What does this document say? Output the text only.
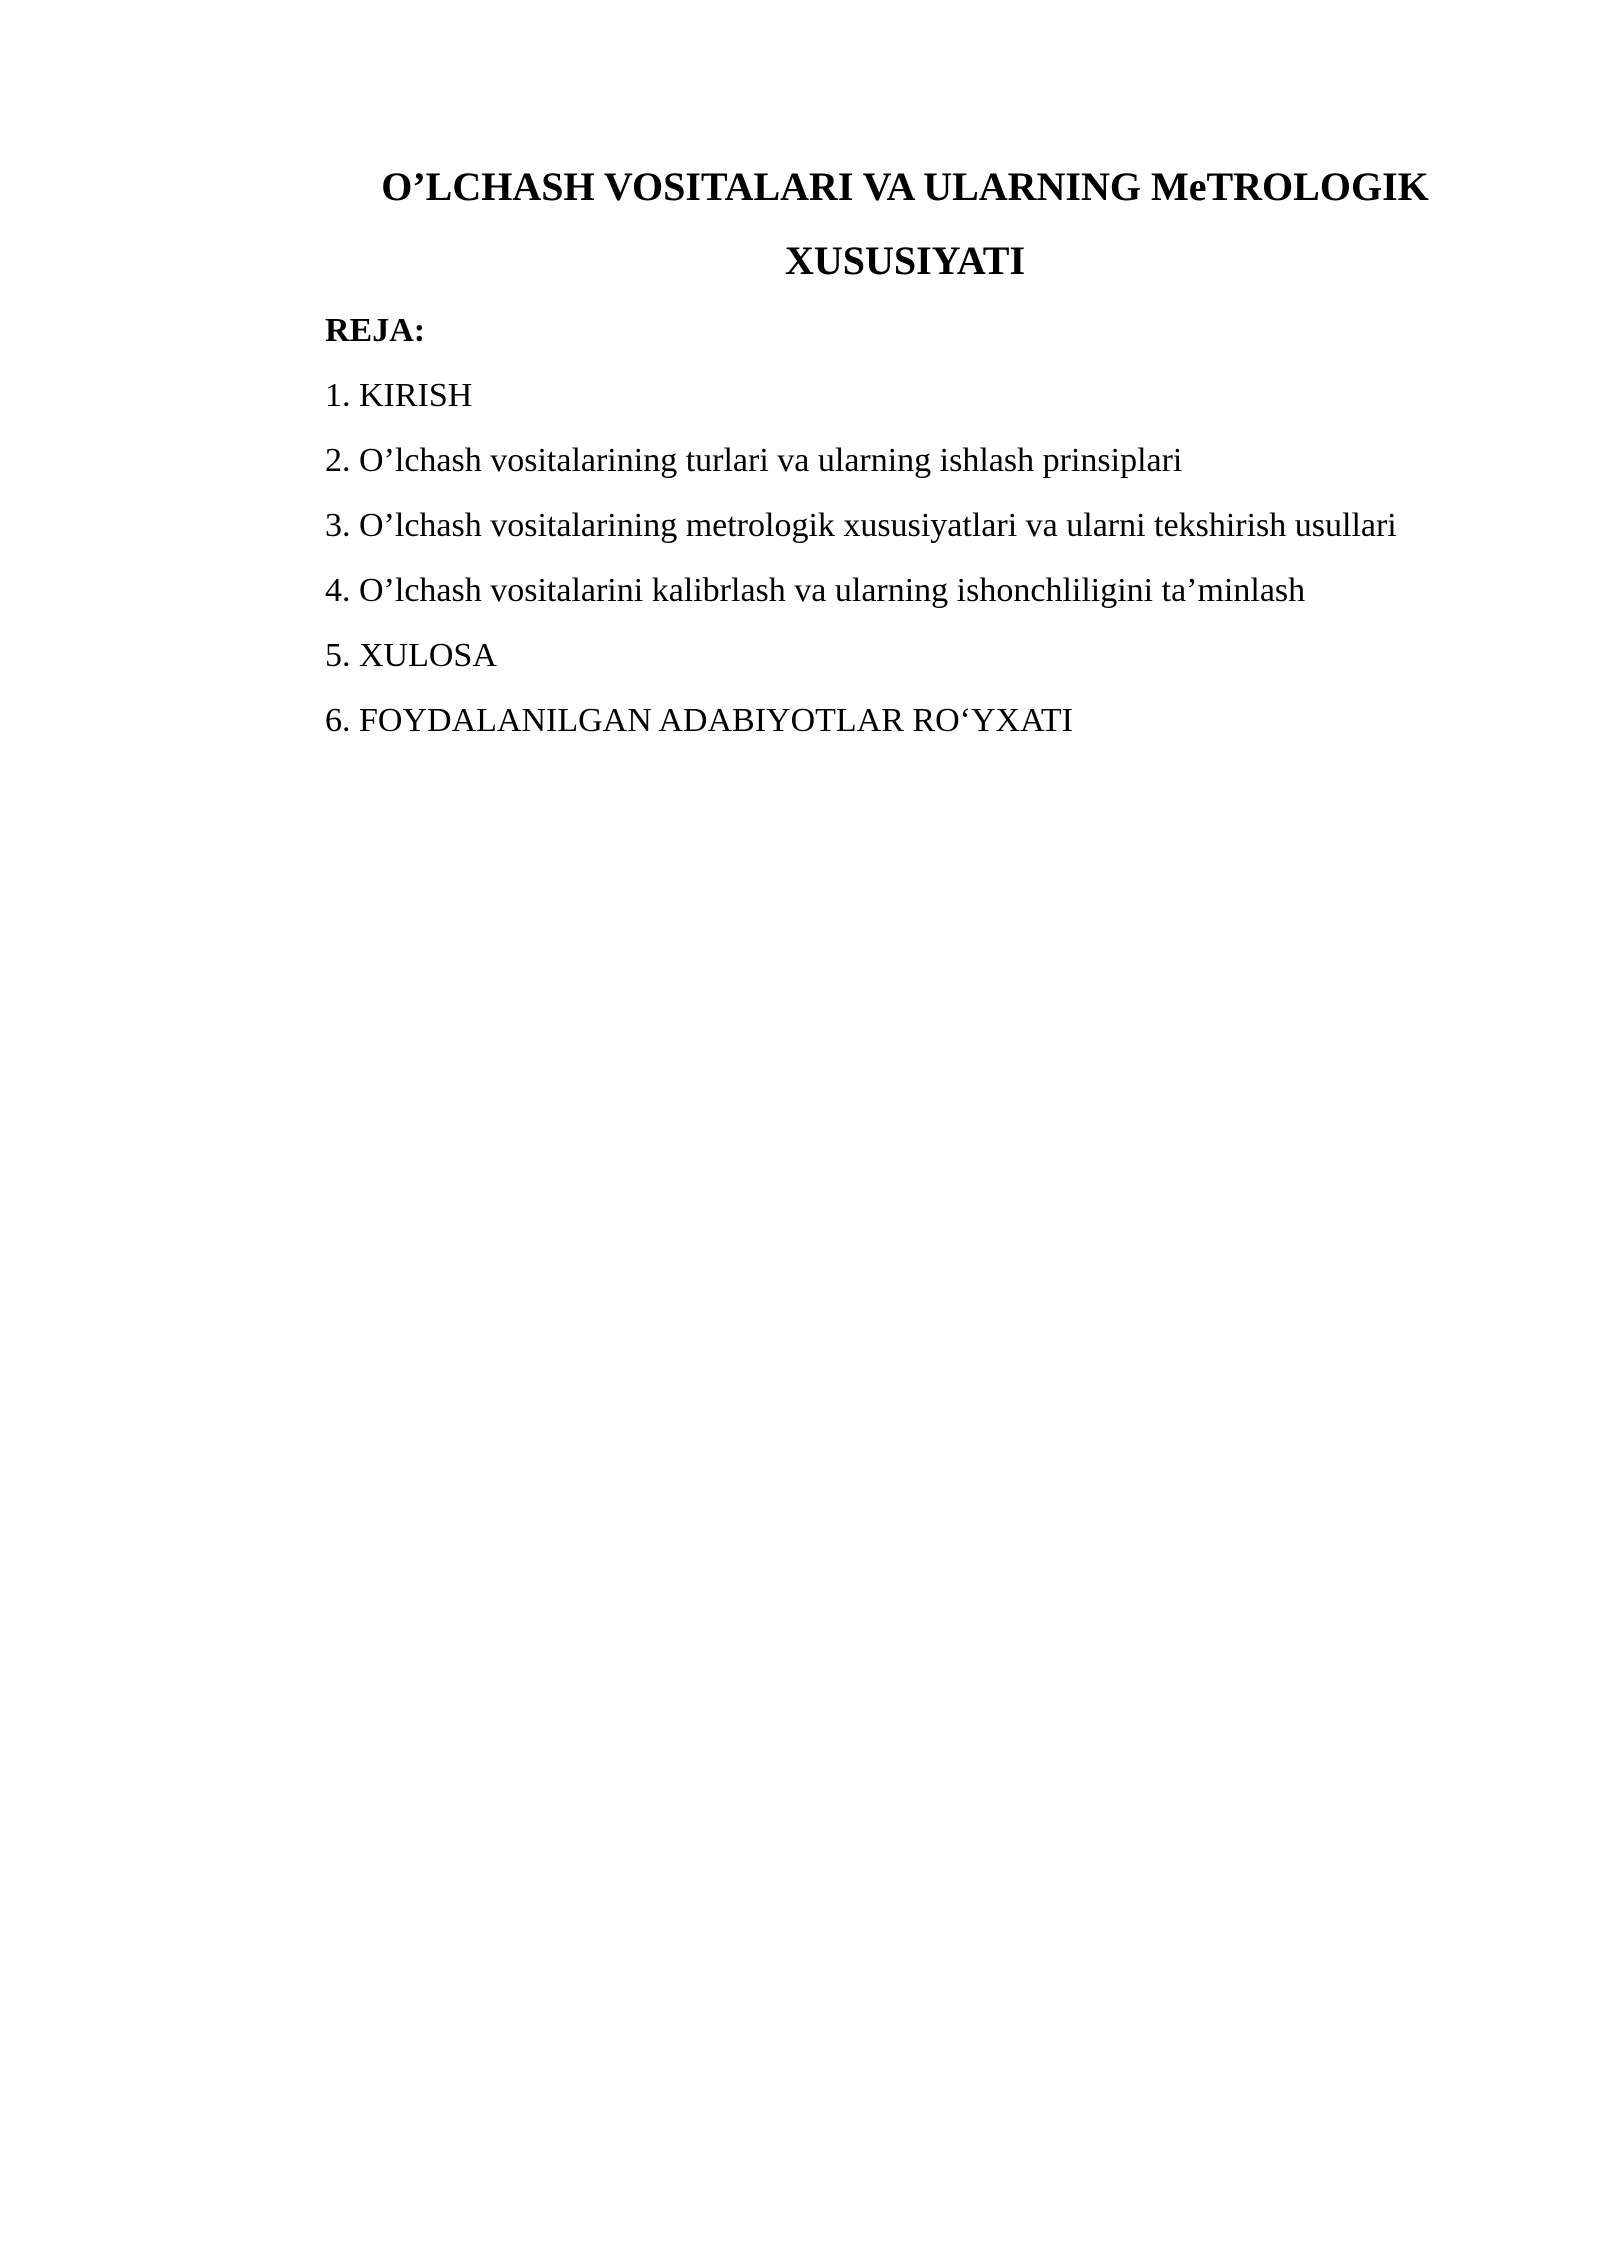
O’LCHASH VOSITALARI VA ULARNING MeTROLOGIK XUSUSIYATI

REJA:

1. KIRISH

2. O’lchash vositalarining turlari va ularning ishlash prinsiplari

3. O’lchash vositalarining metrologik xususiyatlari va ularni tekshirish usullari

4. O’lchash vositalarini kalibrlash va ularning ishonchliligini ta’minlash

5. XULOSA

6. FOYDALANILGAN ADABIYOTLAR RO‘YXATI
